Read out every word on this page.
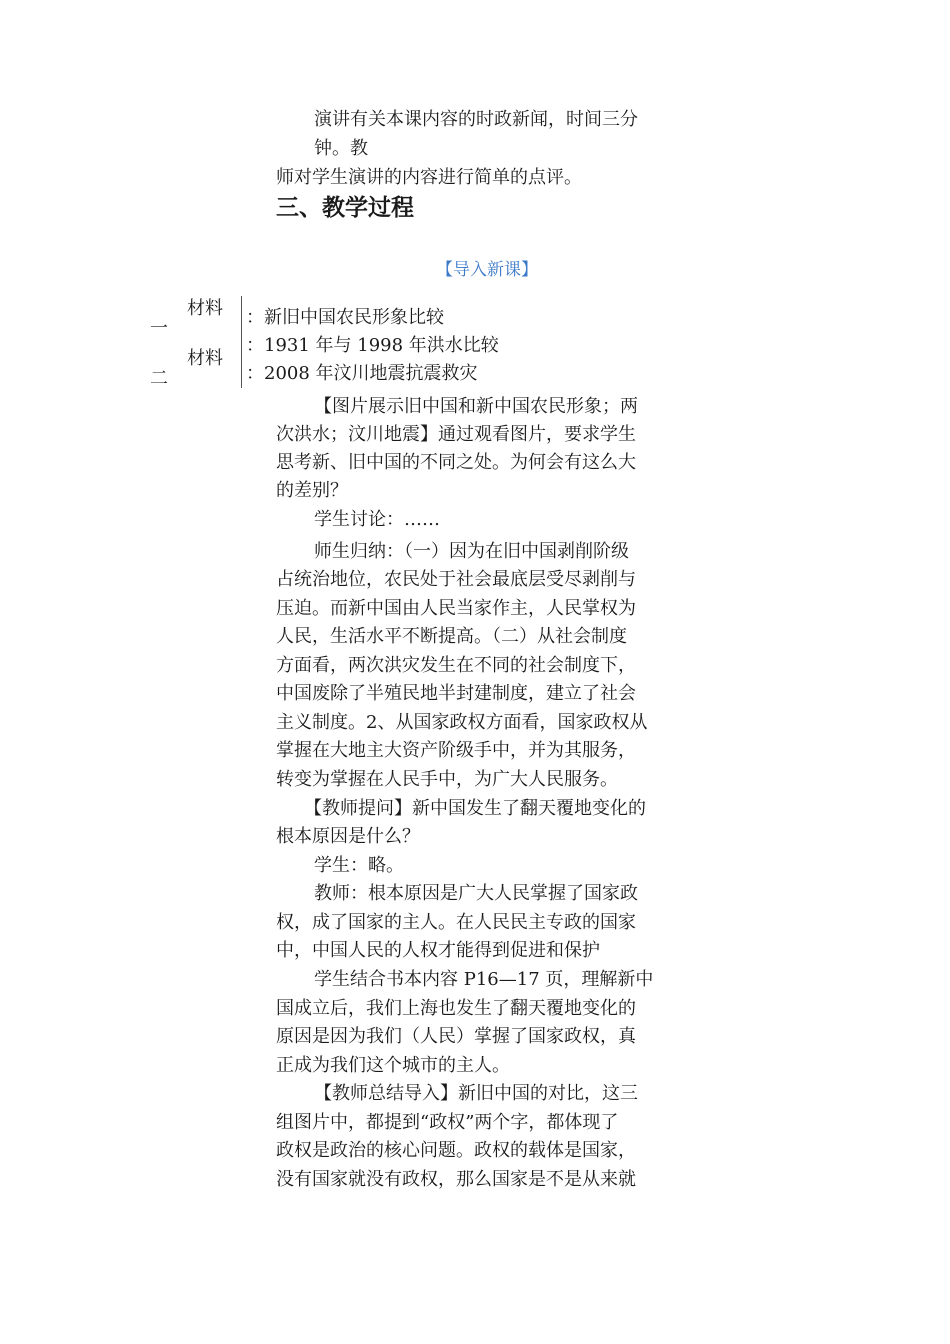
演讲有关本课内容的时政新闻，时间三分
钟。教
师对学生演讲的内容进行简单的点评。
三、教学过程
【导入新课】
材料
一
材料
二
：新旧中国农民形象比较
：1931 年与 1998 年洪水比较
：2008 年汶川地震抗震救灾
【图片展示旧中国和新中国农民形象；两
次洪水；汶川地震】通过观看图片，要求学生
思考新、旧中国的不同之处。为何会有这么大
的差别？
学生讨论：……
师生归纳：（一）因为在旧中国剥削阶级
占统治地位，农民处于社会最底层受尽剥削与
压迫。而新中国由人民当家作主，人民掌权为
人民，生活水平不断提高。（二）从社会制度
方面看，两次洪灾发生在不同的社会制度下，
中国废除了半殖民地半封建制度，建立了社会
主义制度。2、从国家政权方面看，国家政权从
掌握在大地主大资产阶级手中，并为其服务，
转变为掌握在人民手中，为广大人民服务。
【教师提问】新中国发生了翻天覆地变化的
根本原因是什么？
学生：略。
教师：根本原因是广大人民掌握了国家政
权，成了国家的主人。在人民民主专政的国家
中，中国人民的人权才能得到促进和保护
学生结合书本内容 P16—17 页，理解新中
国成立后，我们上海也发生了翻天覆地变化的
原因是因为我们（人民）掌握了国家政权，真
正成为我们这个城市的主人。
【教师总结导入】新旧中国的对比，这三
组图片中，都提到“政权”两个字，都体现了
政权是政治的核心问题。政权的载体是国家，
没有国家就没有政权，那么国家是不是从来就
